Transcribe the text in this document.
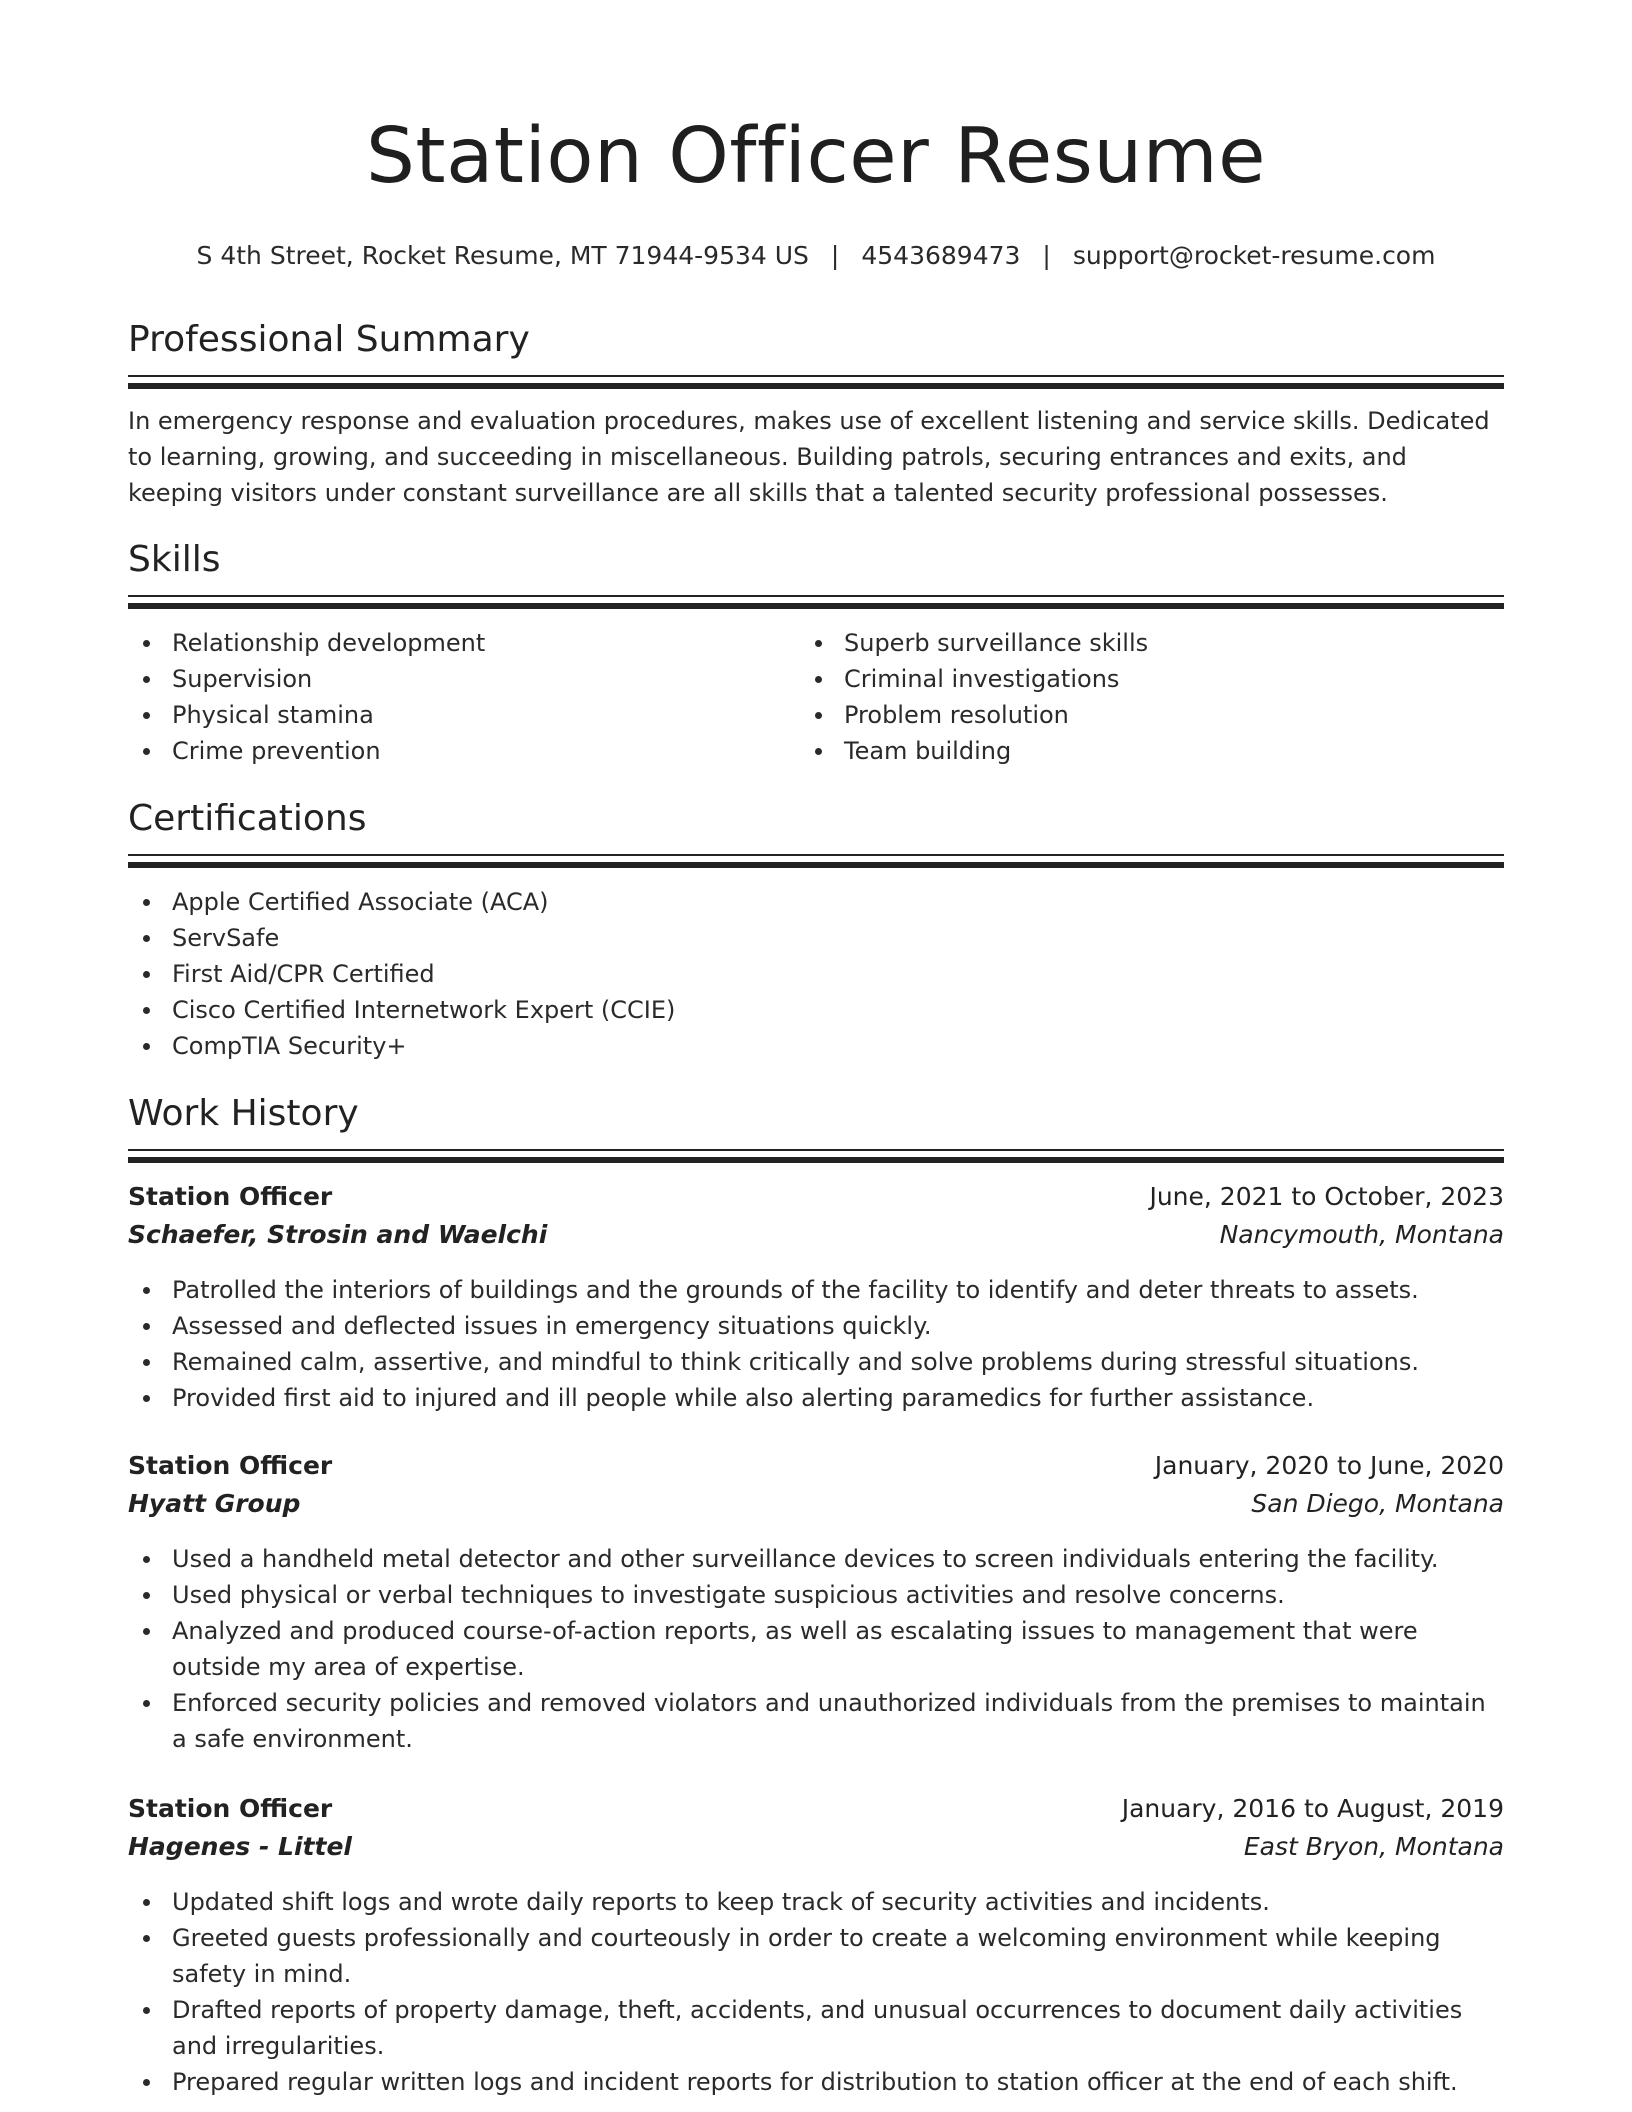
Station Officer Resume
S 4th Street, Rocket Resume, MT 71944-9534 US | 4543689473 | support@rocket-resume.com
Professional Summary
In emergency response and evaluation procedures, makes use of excellent listening and service skills. Dedicated to learning, growing, and succeeding in miscellaneous. Building patrols, securing entrances and exits, and keeping visitors under constant surveillance are all skills that a talented security professional possesses.
Skills
Relationship development
Supervision
Physical stamina
Crime prevention
Superb surveillance skills
Criminal investigations
Problem resolution
Team building
Certifications
Apple Certified Associate (ACA)
ServSafe
First Aid/CPR Certified
Cisco Certified Internetwork Expert (CCIE)
CompTIA Security+
Work History
Station Officer	June, 2021 to October, 2023
Schaefer, Strosin and Waelchi	Nancymouth, Montana
Patrolled the interiors of buildings and the grounds of the facility to identify and deter threats to assets.
Assessed and deflected issues in emergency situations quickly.
Remained calm, assertive, and mindful to think critically and solve problems during stressful situations.
Provided first aid to injured and ill people while also alerting paramedics for further assistance.
Station Officer	January, 2020 to June, 2020
Hyatt Group	San Diego, Montana
Used a handheld metal detector and other surveillance devices to screen individuals entering the facility.
Used physical or verbal techniques to investigate suspicious activities and resolve concerns.
Analyzed and produced course-of-action reports, as well as escalating issues to management that were outside my area of expertise.
Enforced security policies and removed violators and unauthorized individuals from the premises to maintain a safe environment.
Station Officer	January, 2016 to August, 2019
Hagenes - Littel	East Bryon, Montana
Updated shift logs and wrote daily reports to keep track of security activities and incidents.
Greeted guests professionally and courteously in order to create a welcoming environment while keeping safety in mind.
Drafted reports of property damage, theft, accidents, and unusual occurrences to document daily activities and irregularities.
Prepared regular written logs and incident reports for distribution to station officer at the end of each shift.
